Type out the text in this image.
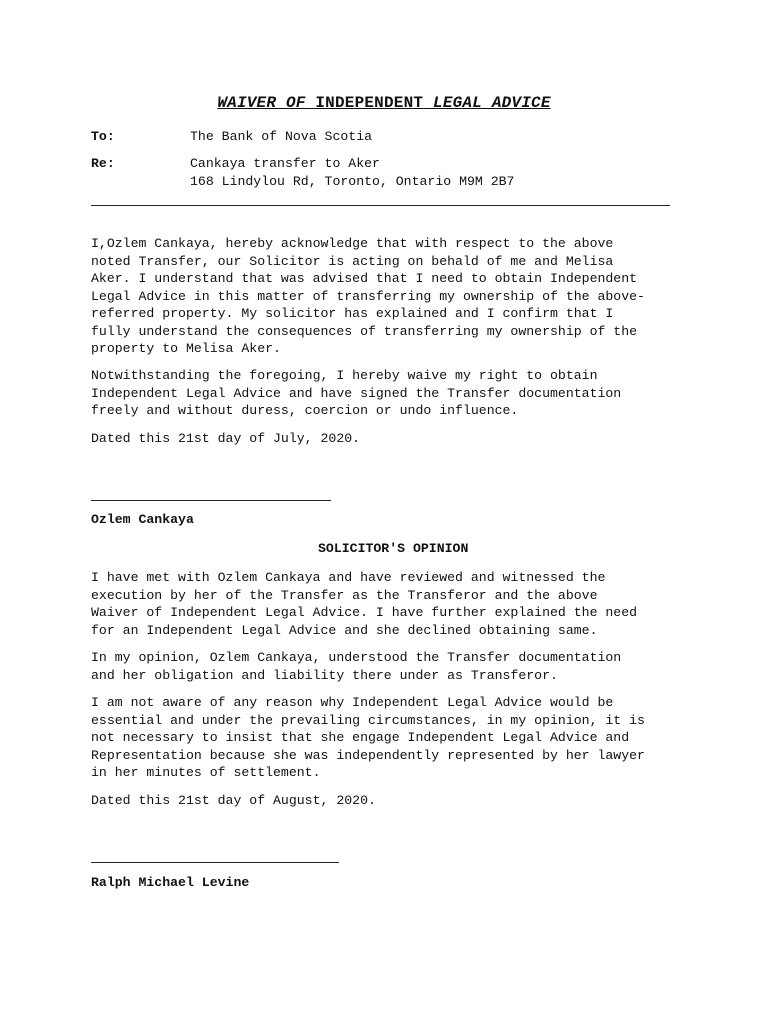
WAIVER OF INDEPENDENT LEGAL ADVICE
To:	The Bank of Nova Scotia
Re:	Cankaya transfer to Aker
168 Lindylou Rd, Toronto, Ontario M9M 2B7
I,Ozlem Cankaya, hereby acknowledge that with respect to the above
noted Transfer, our Solicitor is acting on behald of me and Melisa
Aker. I understand that was advised that I need to obtain Independent
Legal Advice in this matter of transferring my ownership of the above-
referred property. My solicitor has explained and I confirm that I
fully understand the consequences of transferring my ownership of the
property to Melisa Aker.
Notwithstanding the foregoing, I hereby waive my right to obtain
Independent Legal Advice and have signed the Transfer documentation
freely and without duress, coercion or undo influence.
Dated this 21st day of July, 2020.
Ozlem Cankaya
SOLICITOR'S OPINION
I have met with Ozlem Cankaya and have reviewed and witnessed the
execution by her of the Transfer as the Transferor and the above
Waiver of Independent Legal Advice. I have further explained the need
for an Independent Legal Advice and she declined obtaining same.
In my opinion, Ozlem Cankaya, understood the Transfer documentation
and her obligation and liability there under as Transferor.
I am not aware of any reason why Independent Legal Advice would be
essential and under the prevailing circumstances, in my opinion, it is
not necessary to insist that she engage Independent Legal Advice and
Representation because she was independently represented by her lawyer
in her minutes of settlement.
Dated this 21st day of August, 2020.
Ralph Michael Levine
